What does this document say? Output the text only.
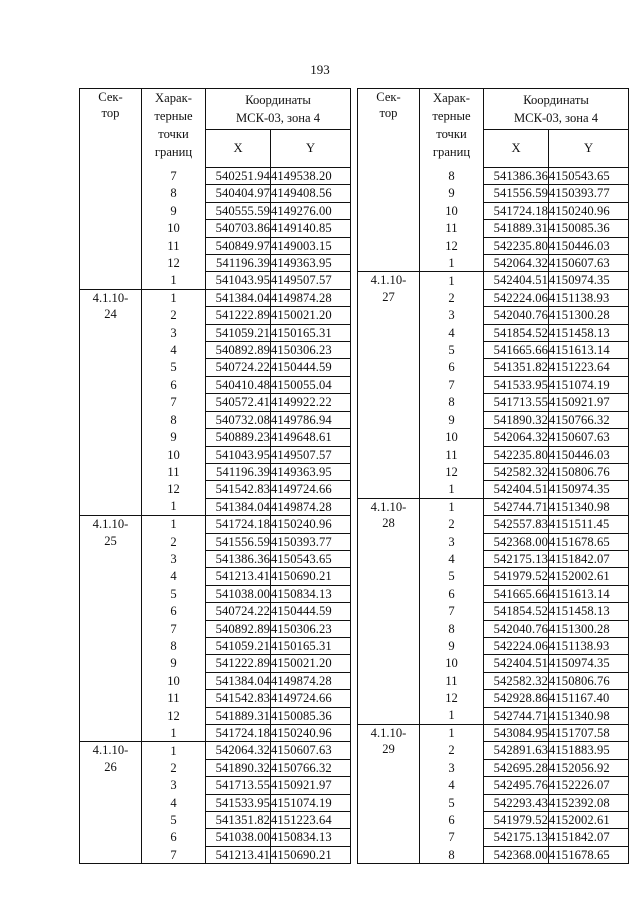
193
Сек-
тор	Харак-
терные
точки
границ	Координаты
МСК-03, зона 4	

		X	Y

	7	540251.94	4149538.20
	8	540404.97	4149408.56
	9	540555.59	4149276.00
	10	540703.86	4149140.85
	11	540849.97	4149003.15
	12	541196.39	4149363.95
	1	541043.95	4149507.57

4.1.10-
24	1	541384.04	4149874.28
	2	541222.89	4150021.20
	3	541059.21	4150165.31
	4	540892.89	4150306.23
	5	540724.22	4150444.59
	6	540410.48	4150055.04
	7	540572.41	4149922.22
	8	540732.08	4149786.94
	9	540889.23	4149648.61
	10	541043.95	4149507.57
	11	541196.39	4149363.95
	12	541542.83	4149724.66
	1	541384.04	4149874.28

4.1.10-
25	1	541724.18	4150240.96
	2	541556.59	4150393.77
	3	541386.36	4150543.65
	4	541213.41	4150690.21
	5	541038.00	4150834.13
	6	540724.22	4150444.59
	7	540892.89	4150306.23
	8	541059.21	4150165.31
	9	541222.89	4150021.20
	10	541384.04	4149874.28
	11	541542.83	4149724.66
	12	541889.31	4150085.36
	1	541724.18	4150240.96

4.1.10-
26	1	542064.32	4150607.63
	2	541890.32	4150766.32
	3	541713.55	4150921.97
	4	541533.95	4151074.19
	5	541351.82	4151223.64
	6	541038.00	4150834.13
	7	541213.41	4150690.21
Сек-
тор	Харак-
терные
точки
границ	Координаты
МСК-03, зона 4	

		X	Y

	8	541386.36	4150543.65
	9	541556.59	4150393.77
	10	541724.18	4150240.96
	11	541889.31	4150085.36
	12	542235.80	4150446.03
	1	542064.32	4150607.63

4.1.10-
27	1	542404.51	4150974.35
	2	542224.06	4151138.93
	3	542040.76	4151300.28
	4	541854.52	4151458.13
	5	541665.66	4151613.14
	6	541351.82	4151223.64
	7	541533.95	4151074.19
	8	541713.55	4150921.97
	9	541890.32	4150766.32
	10	542064.32	4150607.63
	11	542235.80	4150446.03
	12	542582.32	4150806.76
	1	542404.51	4150974.35

4.1.10-
28	1	542744.71	4151340.98
	2	542557.83	4151511.45
	3	542368.00	4151678.65
	4	542175.13	4151842.07
	5	541979.52	4152002.61
	6	541665.66	4151613.14
	7	541854.52	4151458.13
	8	542040.76	4151300.28
	9	542224.06	4151138.93
	10	542404.51	4150974.35
	11	542582.32	4150806.76
	12	542928.86	4151167.40
	1	542744.71	4151340.98

4.1.10-
29	1	543084.95	4151707.58
	2	542891.63	4151883.95
	3	542695.28	4152056.92
	4	542495.76	4152226.07
	5	542293.43	4152392.08
	6	541979.52	4152002.61
	7	542175.13	4151842.07
	8	542368.00	4151678.65
